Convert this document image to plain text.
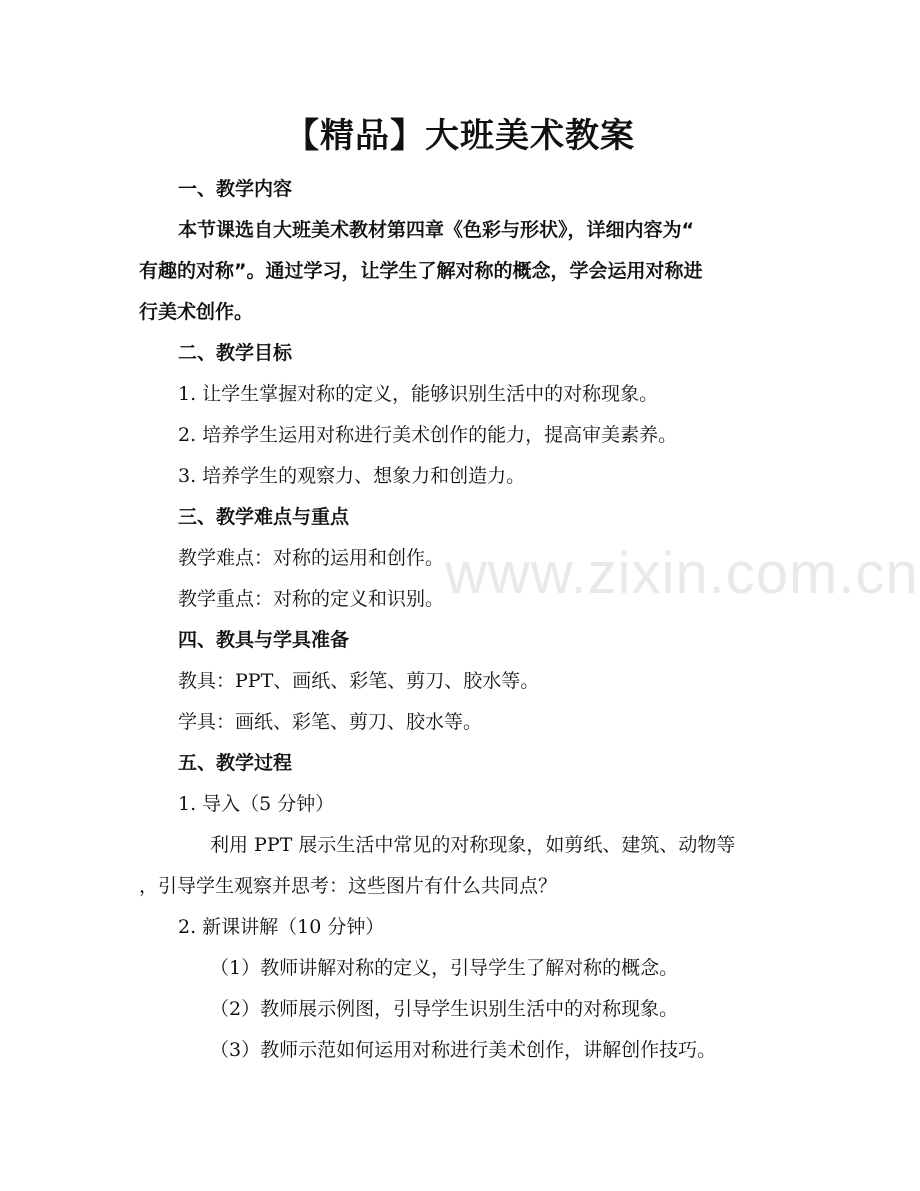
www.zixin.com.cn
【精品】大班美术教案
一、教学内容
本节课选自大班美术教材第四章《色彩与形状》，详细内容为“
有趣的对称”。通过学习，让学生了解对称的概念，学会运用对称进
行美术创作。
二、教学目标
1. 让学生掌握对称的定义，能够识别生活中的对称现象。
2. 培养学生运用对称进行美术创作的能力，提高审美素养。
3. 培养学生的观察力、想象力和创造力。
三、教学难点与重点
教学难点：对称的运用和创作。
教学重点：对称的定义和识别。
四、教具与学具准备
教具：PPT、画纸、彩笔、剪刀、胶水等。
学具：画纸、彩笔、剪刀、胶水等。
五、教学过程
1. 导入（5 分钟）
利用 PPT 展示生活中常见的对称现象，如剪纸、建筑、动物等
，引导学生观察并思考：这些图片有什么共同点？
2. 新课讲解（10 分钟）
（1）教师讲解对称的定义，引导学生了解对称的概念。
（2）教师展示例图，引导学生识别生活中的对称现象。
（3）教师示范如何运用对称进行美术创作，讲解创作技巧。
